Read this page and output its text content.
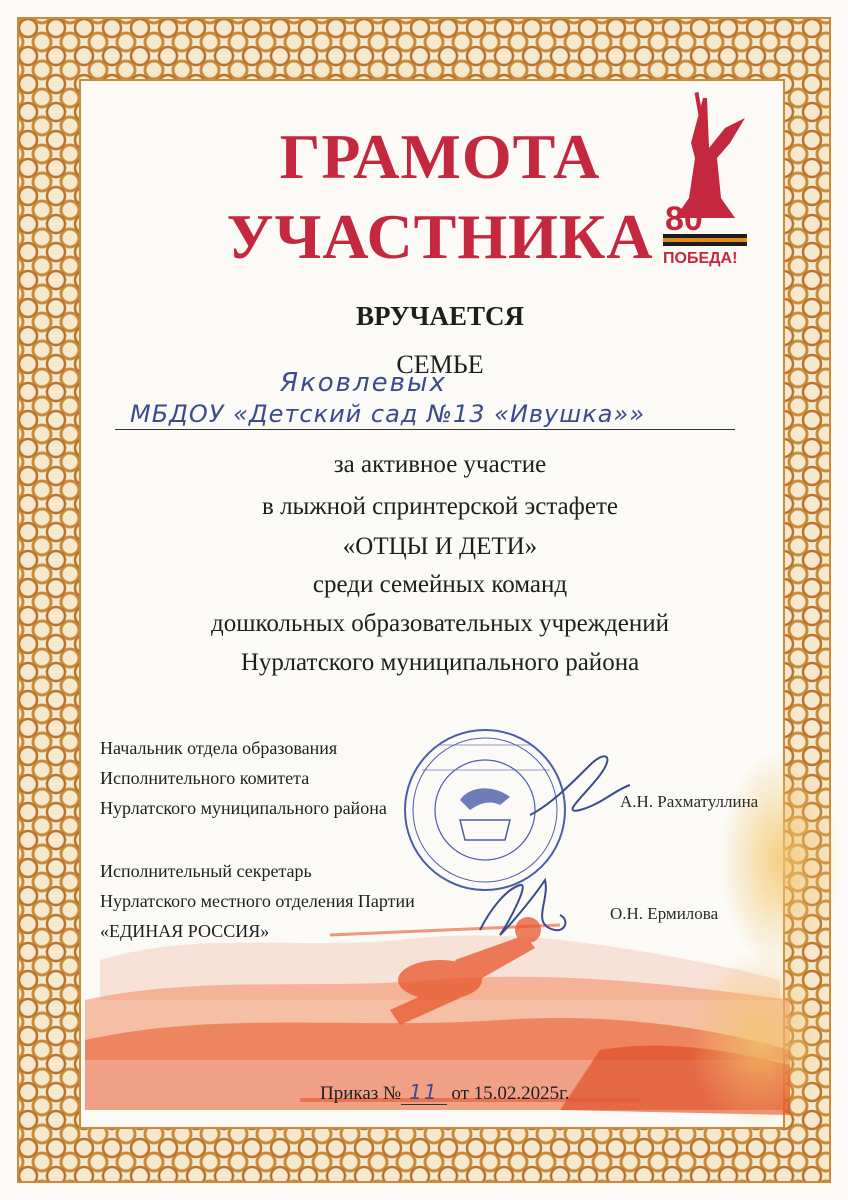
80
ПОБЕДА!
ГРАМОТА
УЧАСТНИКА
ВРУЧАЕТСЯ
СЕМЬЕ
Яковлевых
МБДОУ «Детский сад №13 «Ивушка»»
за активное участие
в лыжной спринтерской эстафете
«ОТЦЫ И ДЕТИ»
среди семейных команд
дошкольных образовательных учреждений
Нурлатского муниципального района
Начальник отдела образования
Исполнительного комитета
Нурлатского муниципального района	А.Н. Рахматуллина
Исполнительный секретарь
Нурлатского местного отделения Партии
«ЕДИНАЯ РОССИЯ»
О.Н. Ермилова
Приказ № 11 от 15.02.2025г.
